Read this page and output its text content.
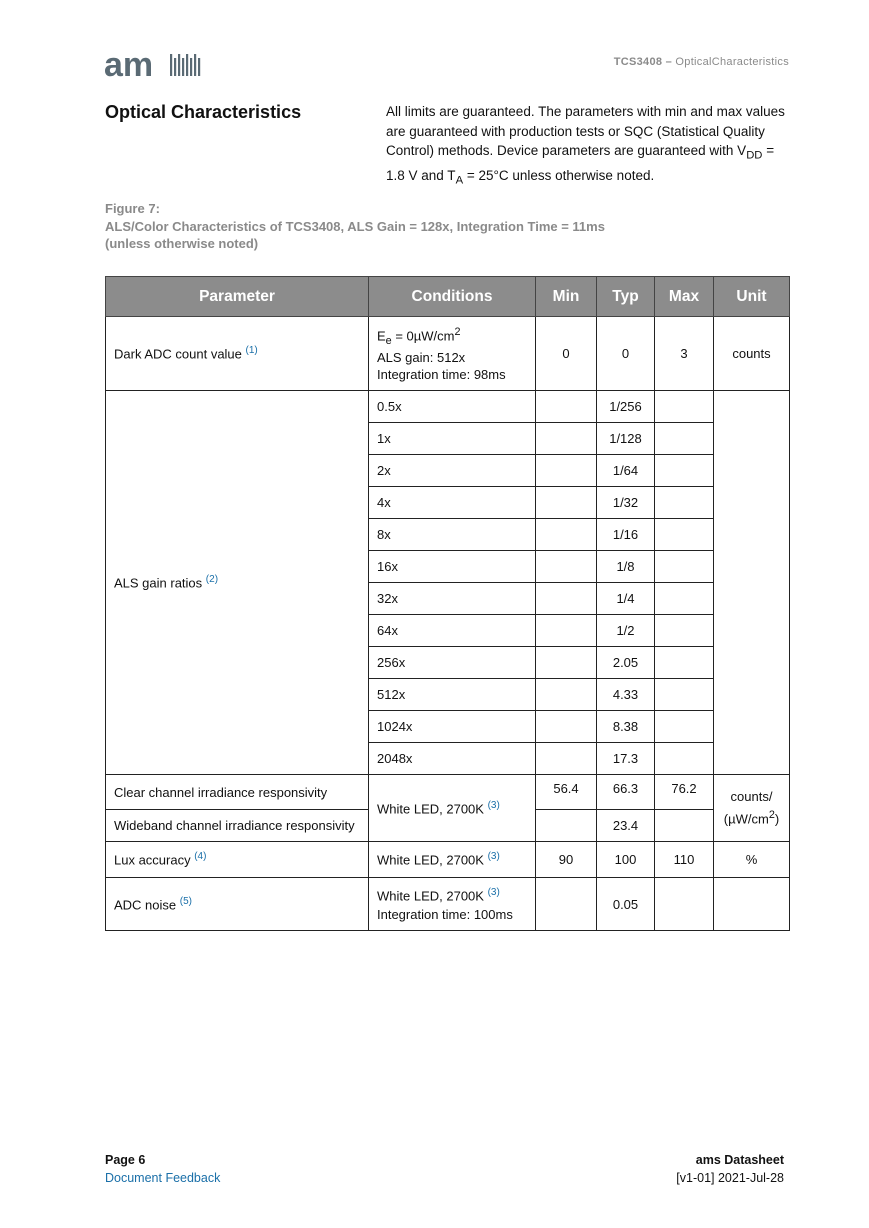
am	TCS3408 – OpticalCharacteristics
Optical Characteristics	All limits are guaranteed. The parameters with min and max values are guaranteed with production tests or SQC (Statistical Quality Control) methods. Device parameters are guaranteed with $V_{DD} = 1.8$ V and $T_A = 25^\circ C$ unless otherwise noted.
Figure 7:
ALS/Color Characteristics of TCS3408, ALS Gain = 128x, Integration Time = 11ms
(unless otherwise noted)
Parameter	Conditions	Min	Typ	Max	Unit
Dark ADC count value $^{(1)}$	$E_e = 0\mu W/cm^2$
ALS gain: 512x
Integration time: 98ms	0	0	3	counts
ALS gain ratios $^{(2)}$	0.5x		1/256		
	1x		1/128		
	2x		1/64		
	4x		1/32		
	8x		1/16		
	16x		1/8		
	32x		1/4		
	64x		1/2		
	256x		2.05		
	512x		4.33		
	1024x		8.38		
	2048x		17.3		
Clear channel irradiance responsivity	White LED, 2700K $^{(3)}$	56.4	66.3	76.2	counts/
$(\mu W/cm^2)$

Wideband channel irradiance responsivity			23.4		
Lux accuracy $^{(4)}$	White LED, 2700K $^{(3)}$	90	100	110	%
ADC noise $^{(5)}$	White LED, 2700K $^{(3)}$
Integration time: 100ms		0.05		
Page 6
Document Feedback
ams Datasheet
[v1-01] 2021-Jul-28
